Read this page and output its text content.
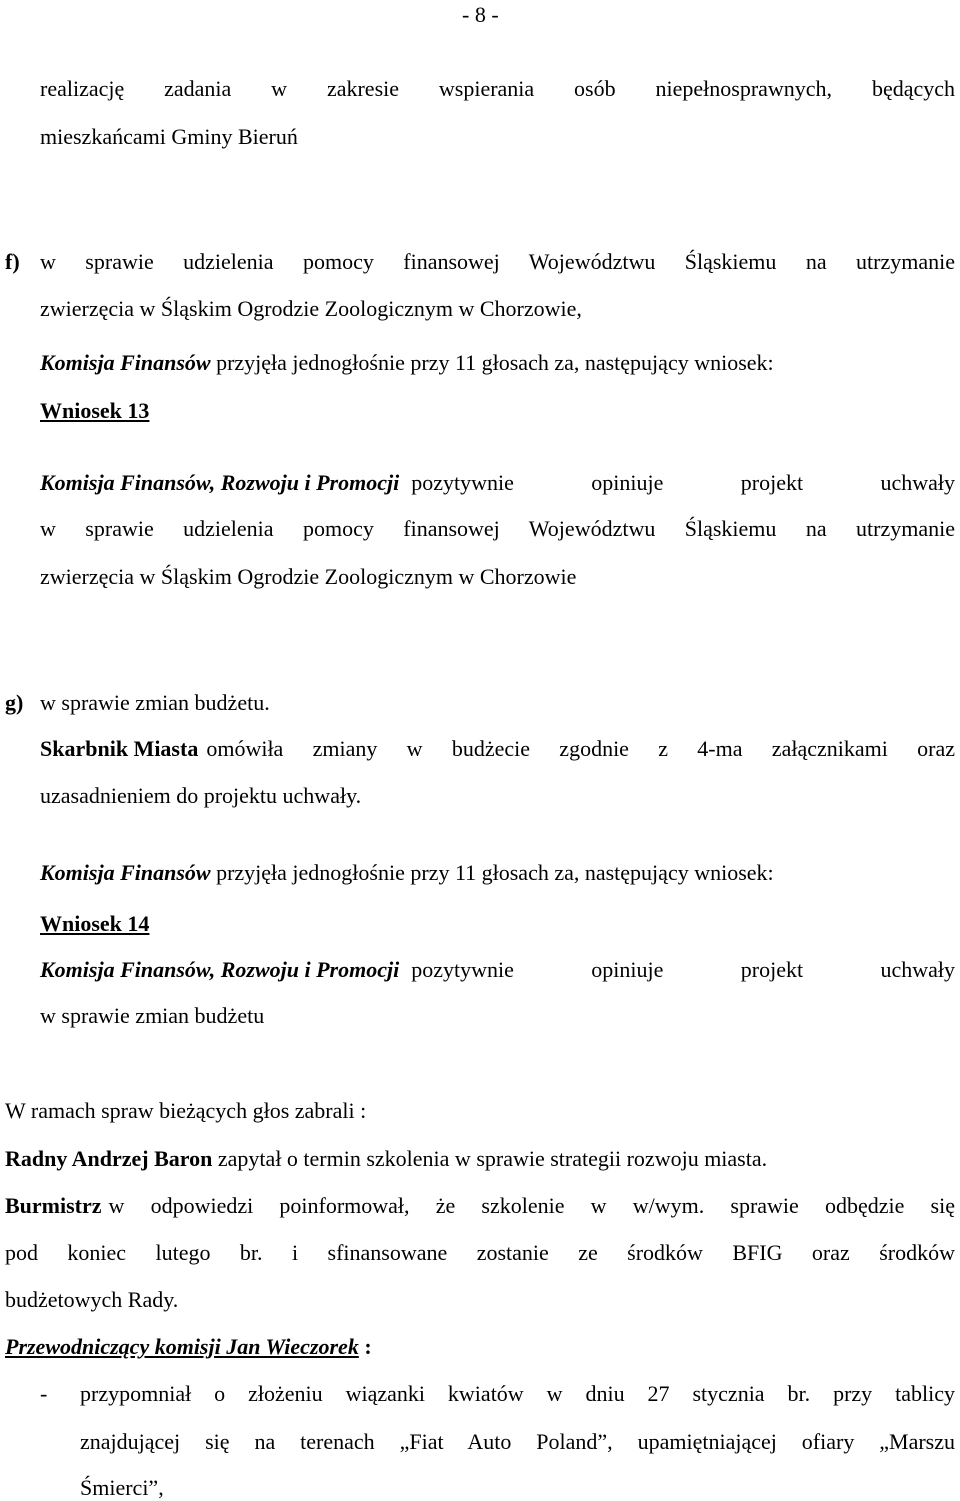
- 8 -
realizację zadania w zakresie wspierania osób niepełnosprawnych, będących
mieszkańcami Gminy Bieruń
f) w sprawie udzielenia pomocy finansowej Województwu Śląskiemu na utrzymanie
zwierzęcia w Śląskim Ogrodzie Zoologicznym w Chorzowie,
Komisja Finansów przyjęła jednogłośnie przy 11 głosach za, następujący wniosek:
Wniosek 13
Komisja Finansów, Rozwoju i Promocji pozytywnie opiniuje projekt uchwały
w sprawie udzielenia pomocy finansowej Województwu Śląskiemu na utrzymanie
zwierzęcia w Śląskim Ogrodzie Zoologicznym w Chorzowie
g) w sprawie zmian budżetu.
Skarbnik Miasta omówiła zmiany w budżecie zgodnie z 4-ma załącznikami oraz
uzasadnieniem do projektu uchwały.
Komisja Finansów przyjęła jednogłośnie przy 11 głosach za, następujący wniosek:
Wniosek 14
Komisja Finansów, Rozwoju i Promocji pozytywnie opiniuje projekt uchwały
w sprawie zmian budżetu
W ramach spraw bieżących głos zabrali :
Radny Andrzej Baron zapytał o termin szkolenia w sprawie strategii rozwoju miasta.
Burmistrz w odpowiedzi poinformował, że szkolenie w w/wym. sprawie odbędzie się
pod koniec lutego br. i sfinansowane zostanie ze środków BFIG oraz środków
budżetowych Rady.
Przewodniczący komisji Jan Wieczorek :
- przypomniał o złożeniu wiązanki kwiatów w dniu 27 stycznia br. przy tablicy
znajdującej się na terenach „Fiat Auto Poland”, upamiętniającej ofiary „Marszu
Śmierci”,
